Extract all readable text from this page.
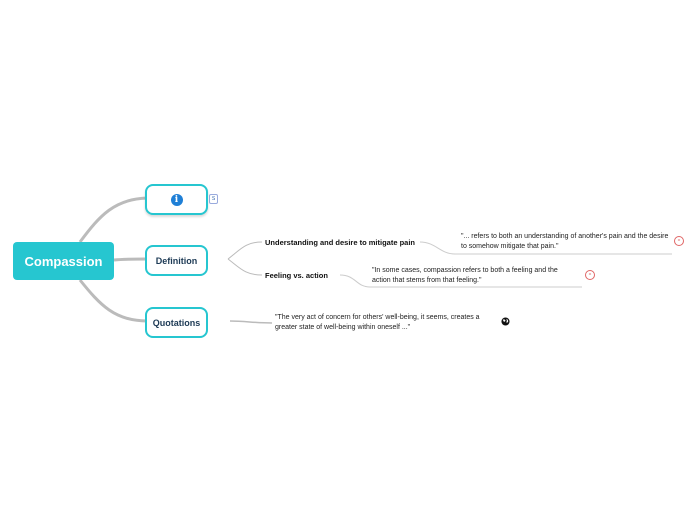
Compassion
i	S
Definition
Quotations
Understanding and desire to mitigate pain
Feeling vs. action
"... refers to both an understanding of another's pain and the desire to somehow mitigate that pain."
∞
"In some cases, compassion refers to both a feeling and the action that stems from that feeling."
∞
"The very act of concern for others' well-being, it seems, creates a greater state of well-being within oneself ..."
